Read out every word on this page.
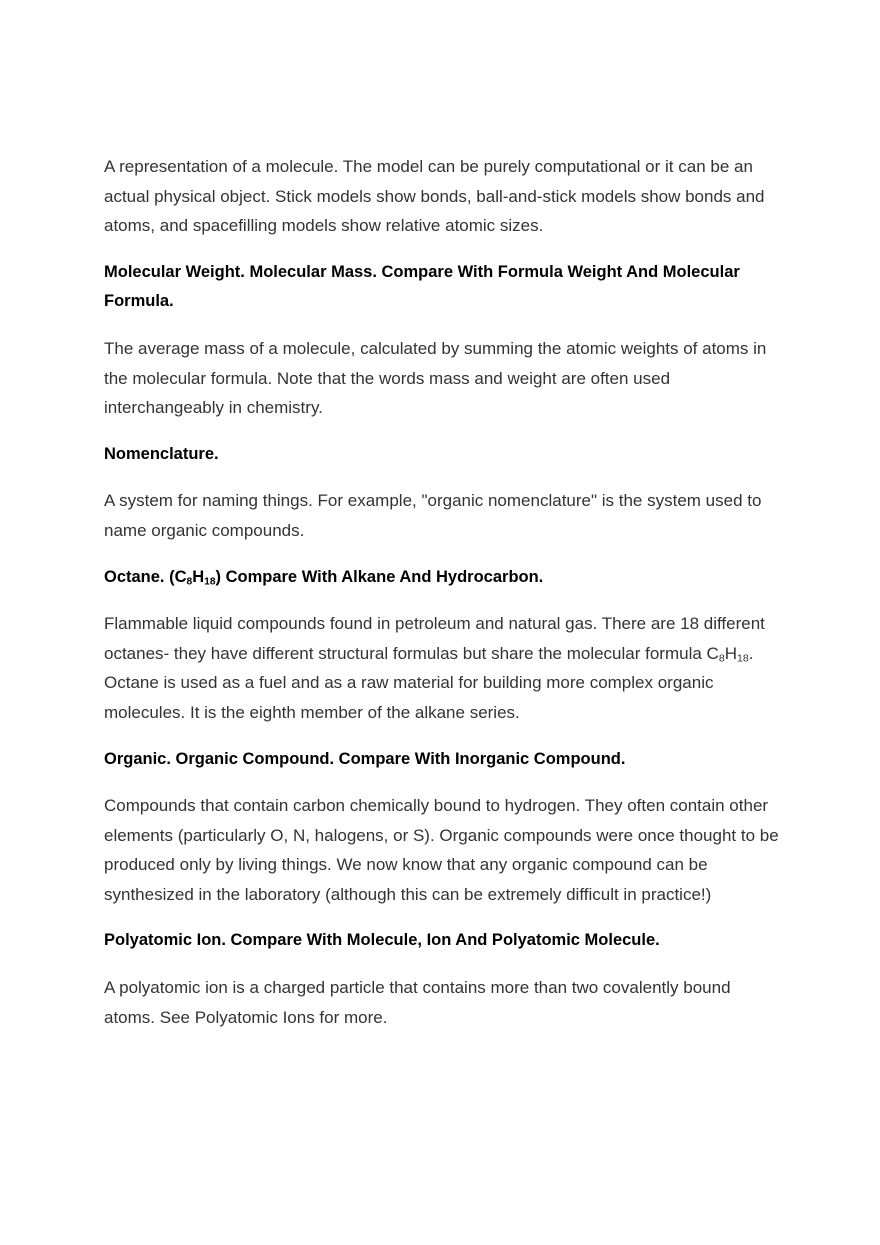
A representation of a molecule. The model can be purely computational or it can be an actual physical object. Stick models show bonds, ball-and-stick models show bonds and atoms, and spacefilling models show relative atomic sizes.

Molecular Weight. Molecular Mass. Compare With Formula Weight And Molecular Formula.

The average mass of a molecule, calculated by summing the atomic weights of atoms in the molecular formula. Note that the words mass and weight are often used interchangeably in chemistry.

Nomenclature.

A system for naming things. For example, "organic nomenclature" is the system used to name organic compounds.

Octane. $(C_8H_{18})$ Compare With Alkane And Hydrocarbon.

Flammable liquid compounds found in petroleum and natural gas. There are 18 different octanes- they have different structural formulas but share the molecular formula $C_8H_{18}$. Octane is used as a fuel and as a raw material for building more complex organic molecules. It is the eighth member of the alkane series.

Organic. Organic Compound. Compare With Inorganic Compound.

Compounds that contain carbon chemically bound to hydrogen. They often contain other elements (particularly O, N, halogens, or S). Organic compounds were once thought to be produced only by living things. We now know that any organic compound can be synthesized in the laboratory (although this can be extremely difficult in practice!)

Polyatomic Ion. Compare With Molecule, Ion And Polyatomic Molecule.

A polyatomic ion is a charged particle that contains more than two covalently bound atoms. See Polyatomic Ions for more.
